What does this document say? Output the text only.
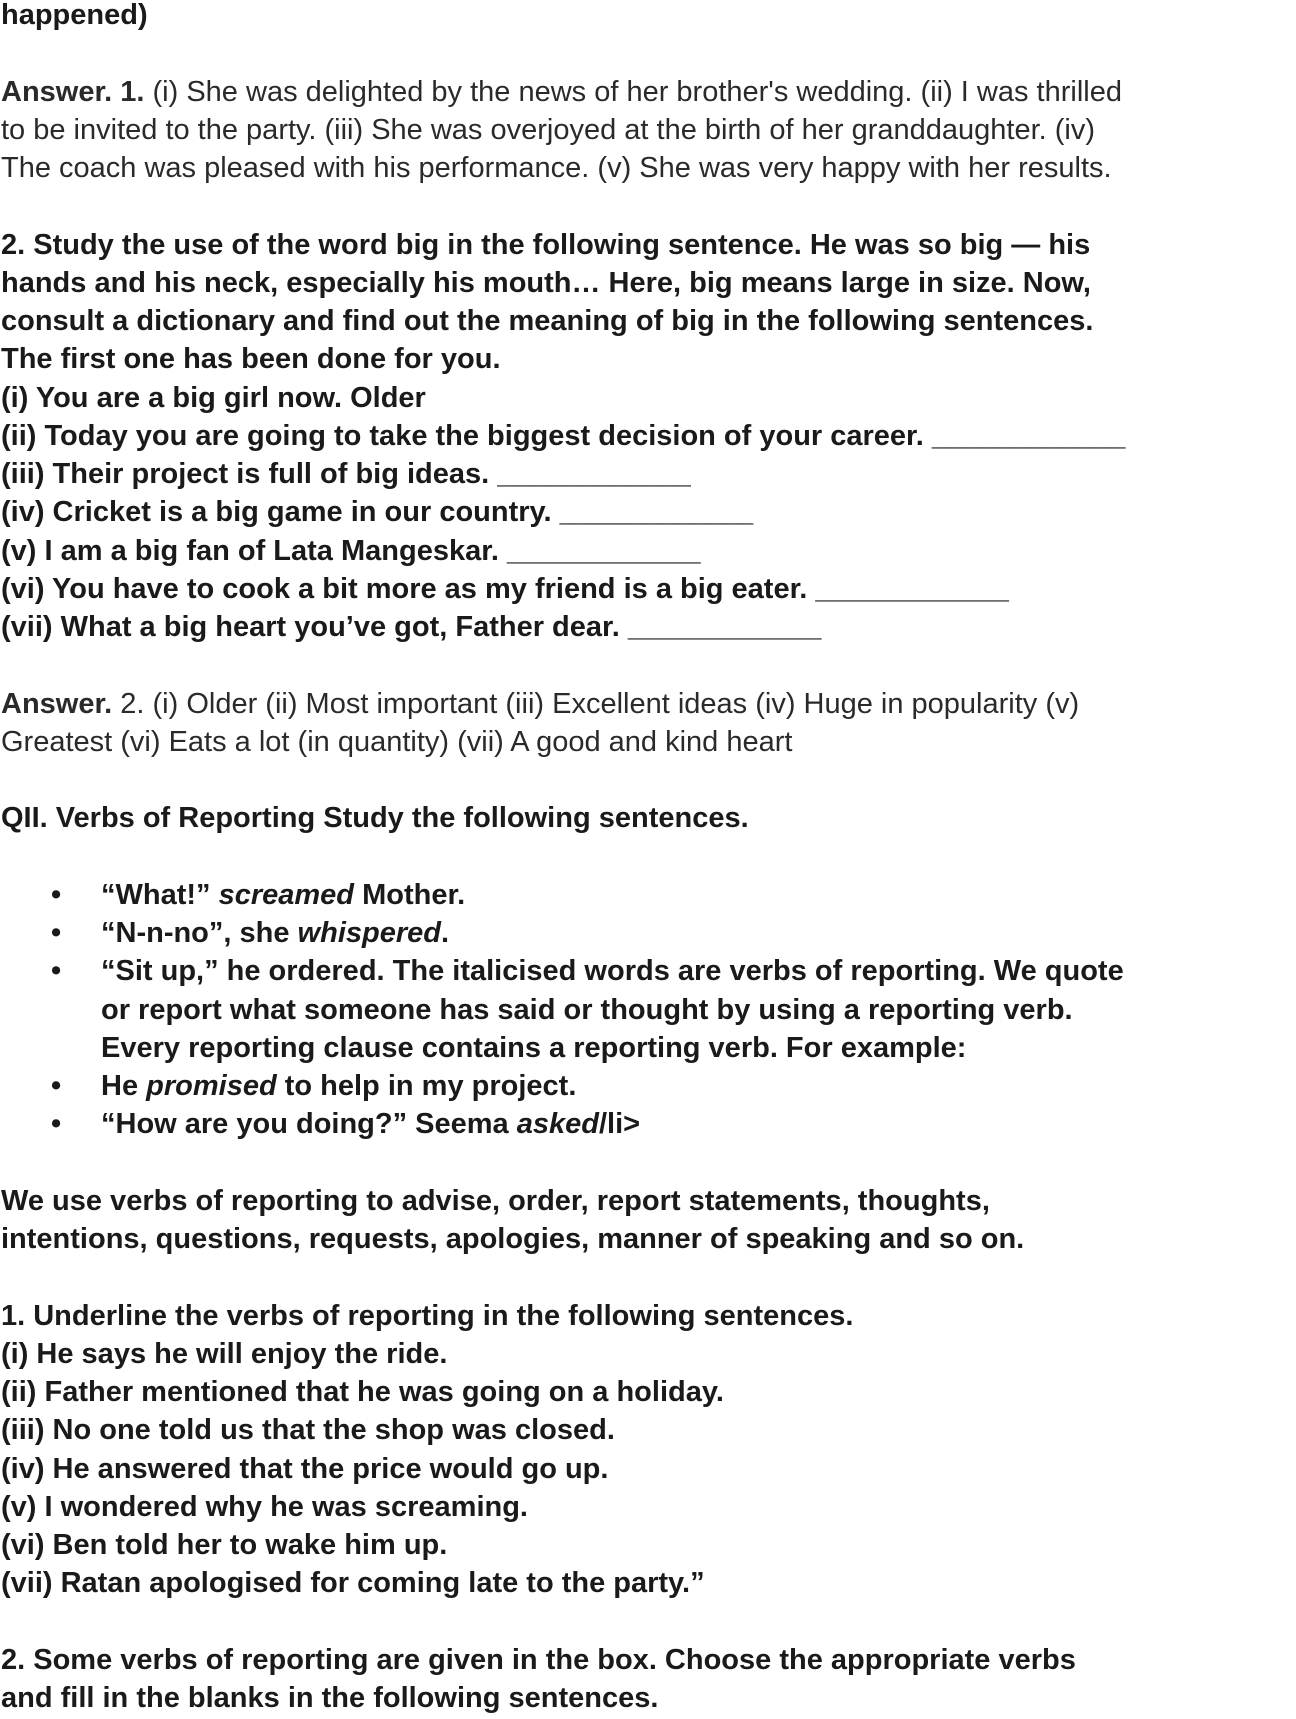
happened)
Answer. 1. (i) She was delighted by the news of her brother's wedding. (ii) I was thrilled
to be invited to the party. (iii) She was overjoyed at the birth of her granddaughter. (iv)
The coach was pleased with his performance. (v) She was very happy with her results.
2. Study the use of the word big in the following sentence. He was so big — his
hands and his neck, especially his mouth… Here, big means large in size. Now,
consult a dictionary and find out the meaning of big in the following sentences.
The first one has been done for you.
(i) You are a big girl now. Older
(ii) Today you are going to take the biggest decision of your career. ____________
(iii) Their project is full of big ideas. ____________
(iv) Cricket is a big game in our country. ____________
(v) I am a big fan of Lata Mangeskar. ____________
(vi) You have to cook a bit more as my friend is a big eater. ____________
(vii) What a big heart you’ve got, Father dear. ____________
Answer. 2. (i) Older (ii) Most important (iii) Excellent ideas (iv) Huge in popularity (v)
Greatest (vi) Eats a lot (in quantity) (vii) A good and kind heart
QII. Verbs of Reporting Study the following sentences.
• “What!” screamed Mother.
• “N-n-no”, she whispered.
• “Sit up,” he ordered. The italicised words are verbs of reporting. We quote
or report what someone has said or thought by using a reporting verb.
Every reporting clause contains a reporting verb. For example:
• He promised to help in my project.
• “How are you doing?” Seema asked/li>
We use verbs of reporting to advise, order, report statements, thoughts,
intentions, questions, requests, apologies, manner of speaking and so on.
1. Underline the verbs of reporting in the following sentences.
(i) He says he will enjoy the ride.
(ii) Father mentioned that he was going on a holiday.
(iii) No one told us that the shop was closed.
(iv) He answered that the price would go up.
(v) I wondered why he was screaming.
(vi) Ben told her to wake him up.
(vii) Ratan apologised for coming late to the party.”
2. Some verbs of reporting are given in the box. Choose the appropriate verbs
and fill in the blanks in the following sentences.
